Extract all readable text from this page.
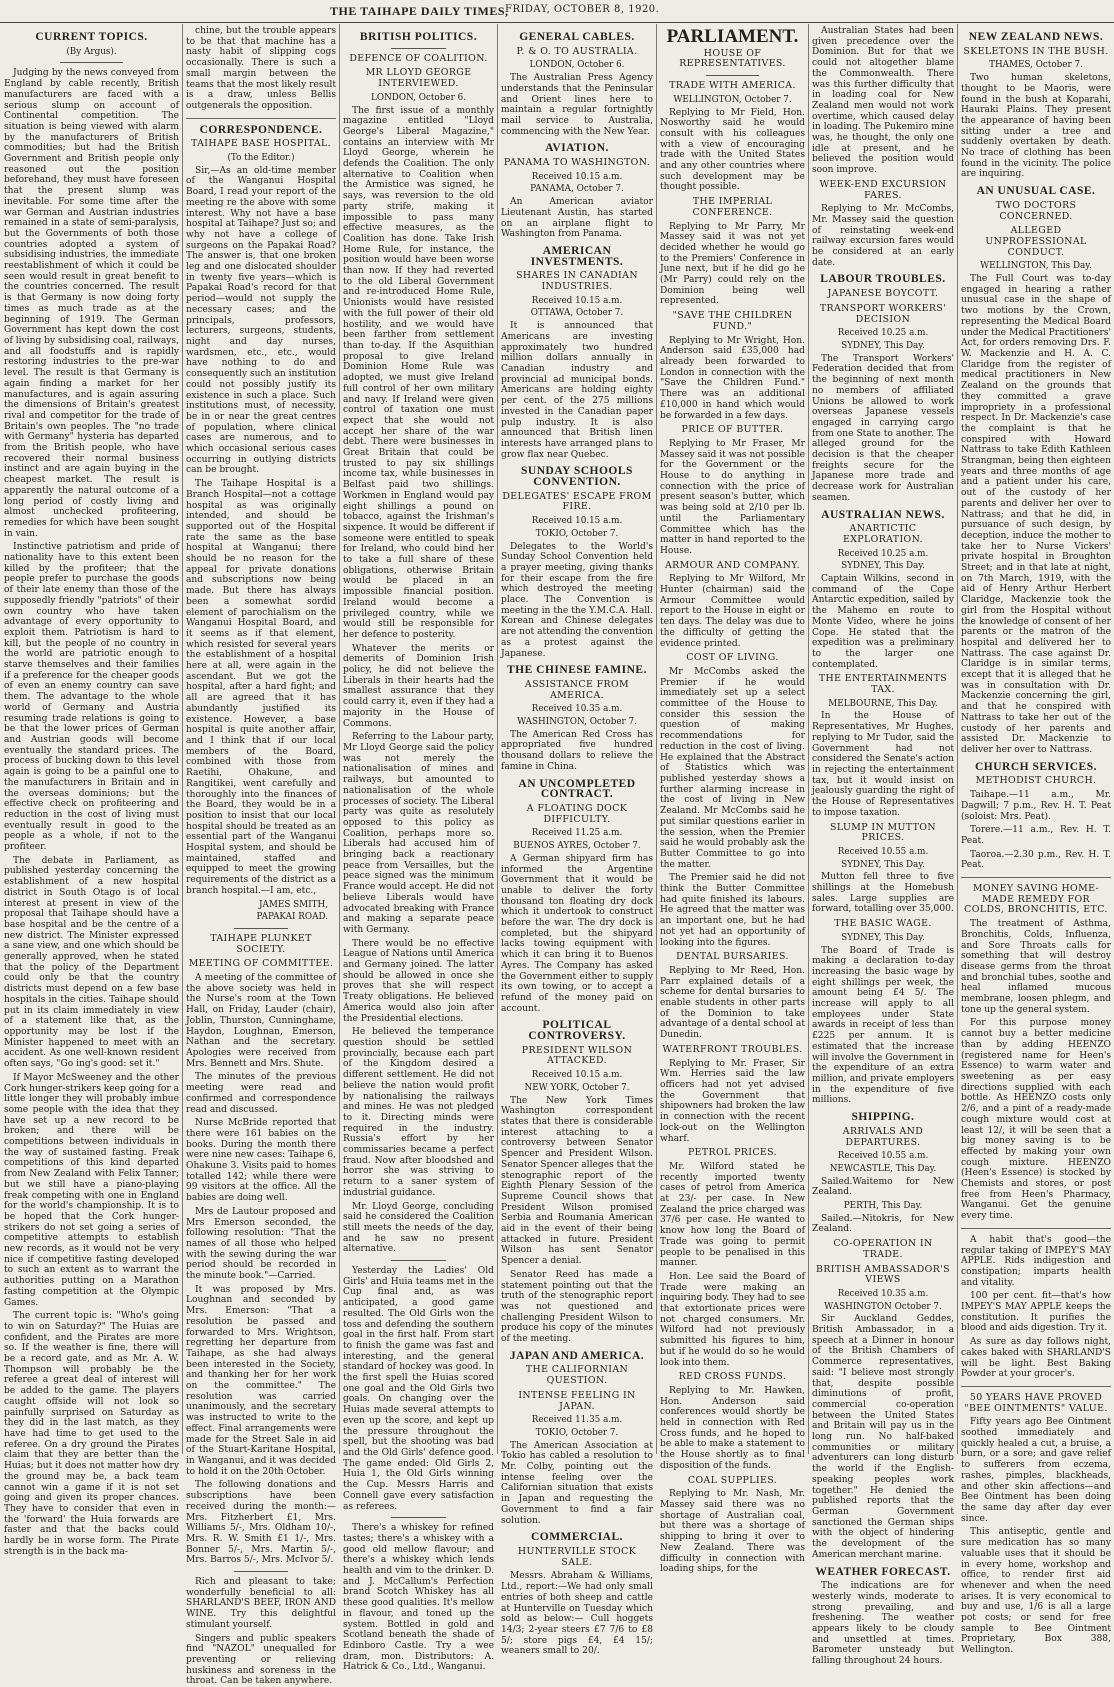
THE TAIHAPE DAILY TIMES,
FRIDAY, OCTOBER 8, 1920.
CURRENT TOPICS.
(By Argus).

Judging by the news conveyed from England by cable recently, British manufacturers are faced with a serious slump on account of Continental competition. The situation is being viewed with alarm by the manufacturers of British commodities; but had the British Government and British people only reasoned out the position beforehand, they must have foreseen that the present slump was inevitable. For some time after the war German and Austrian industries remained in a state of semi-paralysis, but the Governments of both those countries adopted a system of subsidising industries, the immediate reestablishment of which it could be seen would result in great benefit to the countries concerned. The result is that Germany is now doing forty times as much trade as at the beginning of 1919. The German Government has kept down the cost of living by subsidising coal, railways, and all foodstuffs and is rapidly restoring industries to the pre-war level. The result is that Germany is again finding a market for her manufactures, and is again assuring the dimensions of Britain's greatest rival and competitor for the trade of Britain's own peoples. The "no trade with Germany" hysteria has departed from the British people, who have recovered their normal business instinct and are again buying in the cheapest market. The result is apparently the natural outcome of a long period of costly living and almost unchecked profiteering, remedies for which have been sought in vain.

Instinctive patriotism and pride of nationality have to this extent been killed by the profiteer; that the people prefer to purchase the goods of their late enemy than those of the supposedly friendly "patriots" of their own country who have taken advantage of every opportunity to exploit them. Patriotism is hard to kill, but the people of no country in the world are patriotic enough to starve themselves and their families if a preference for the cheaper goods of even an enemy country can save them. The advantage to the whole world of Germany and Austria resuming trade relations is going to be that the lower prices of German and Austrian goods will become eventually the standard prices. The process of bucking down to this level again is going to be a painful one to the manufacturers in Britain and in the overseas dominions; but the effective check on profiteering and reduction in the cost of living must eventually result in good to the people as a whole, if not to the profiteer.

The debate in Parliament, as published yesterday concerning the establishment of a new hospital district in South Otago is of local interest at present in view of the proposal that Taihape should have a base hospital and be the centre of a new district. The Minister expressed a sane view, and one which should be generally approved, when he stated that the policy of the Department could only be that the country districts must depend on a few base hospitals in the cities. Taihape should put in its claim immediately in view of a statement like that, as the opportunity may be lost if the Minister happened to meet with an accident. As one well-known resident often says, "Go ing's good: set it."

If Mayor McSweeney and the other Cork hunger-strikers keep going for a little longer they will probably imbue some people with the idea that they have set up a new record to be broken; and there will be competitions between individuals in the way of sustained fasting. Freak competitions of this kind departed from New Zealand with Felix Tanner; but we still have a piano-playing freak competing with one in England for the world's championship. It is to be hoped that the Cork hunger-strikers do not set going a series of competitive attempts to establish new records, as it would not be very nice if competitive fasting developed to such an extent as to warrant the authorities putting on a Marathon fasting competition at the Olympic Games.

The current topic is: "Who's going to win on Saturday?" The Huias are confident, and the Pirates are more so. If the weather is fine, there will be a record gate, and as Mr. A. W. Thompson will probably be the referee a great deal of interest will be added to the game. The players caught offside will not look so painfully surprised on Saturday as they did in the last match, as they have had time to get used to the referee. On a dry ground the Pirates claim that they are better than the Huias; but it does not matter how dry the ground may be, a back team cannot win a game if it is not set going and given its proper chances. They have to consider that even in the 'forward' the Huia forwards are faster and that the backs could hardly be in worse form. The Pirate strength is in the back ma-

chine, but the trouble appears to be that that machine has a nasty habit of slipping cogs occasionally. There is such a small margin between the teams that the most likely result is a draw, unless Bellis outgenerals the opposition.

CORRESPONDENCE.
TAIHAPE BASE HOSPITAL.
(To the Editor.)

Sir,—As an old-time member of the Wanganui Hospital Board, I read your report of the meeting re the above with some interest. Why not have a base hospital at Taihape? Just so; and why not have a college of surgeons on the Papakai Road? The answer is, that one broken leg and one dislocated shoulder in twenty five years—which is Papakai Road's record for that period—would not supply the necessary cases; and the principals, professors, lecturers, surgeons, students, night and day nurses, wardsmen, etc., etc., would have nothing to do and consequently such an institution could not possibly justify its existence in such a place. Such institutions must, of necessity, be in or near the great centres of population, where clinical cases are numerous, and to which occasional serious cases occurring in outlying districts can be brought.

The Taihape Hospital is a Branch Hospital—not a cottage hospital as was originally intended, and should be supported out of the Hospital rate the same as the base hospital at Wanganui; there should be no reason for the appeal for private donations and subscriptions now being made. But there has always been a somewhat sordid element of parochialism on the Wanganui Hospital Board, and it seems as if that element, which resisted for several years the establishment of a hospital here at all, were again in the ascendant. But we got the hospital, after a hard fight; and all are agreed that it has abundantly justified its existence. However, a base hospital is quite another affair, and I think that if our local members of the Board, combined with those from Raetihi, Ohakune, and Rangitikei, went carefully and thoroughly into the finances of the Board, they would be in a position to insist that our local hospital should be treated as an essential part of the Wanganui Hospital system, and should be maintained, staffed and equipped to meet the growing requirements of the district as a branch hospital.—I am, etc.,

JAMES SMITH,
PAPAKAI ROAD.
TAIHAPE PLUNKET SOCIETY.
MEETING OF COMMITTEE.

A meeting of the committee of the above society was held in the Nurse's room at the Town Hall, on Friday, Lauder (chair), Joblin, Thurston, Cunninghame, Haydon, Loughnan, Emerson, Nathan and the secretary. Apologies were received from Mrs. Bennett and Mrs. Shute.

The minutes of the previous meeting were read and confirmed and correspondence read and discussed.

Nurse McBride reported that there were 161 babies on the books. During the month there were nine new cases: Taihape 6, Ohakune 3. Visits paid to homes totalled 142; while there were 99 visitors at the office. All the babies are doing well.

Mrs de Lautour proposed and Mrs Emerson seconded, the following resolution: "That the names of all those who helped with the sewing during the war period should be recorded in the minute book."—Carried.

It was proposed by Mrs. Loughnan and seconded by Mrs. Emerson: "That a resolution be passed and forwarded to Mrs. Wrightson, regretting her departure from Taihape, as she had always been interested in the Society, and thanking her for her work on the committee." The resolution was carried unanimously, and the secretary was instructed to write to the effect. Final arrangements were made for the Street Sale in aid of the Stuart-Karitane Hospital, in Wanganui, and it was decided to hold it on the 20th October.

The following donations and subscriptions have been received during the month:—Mrs. Fitzherbert £1, Mrs. Williams 5/-, Mrs. Oldham 10/-, Mrs. R. W. Smith £1 1/-, Mrs. Bonner 5/-, Mrs. Martin 5/-, Mrs. Barros 5/-, Mrs. McIvor 5/.

Rich and pleasant to take; wonderfully beneficial to all: SHARLAND'S BEEF, IRON AND WINE. Try this delightful stimulant yourself.

Singers and public speakers find "NAZOL" unequalled for preventing or relieving huskiness and soreness in the throat. Can be taken anywhere.

BRITISH POLITICS.
DEFENCE OF COALITION.
MR LLOYD GEORGE INTERVIEWED.
LONDON, October 6.

The first issue of a monthly magazine entitled "Lloyd George's Liberal Magazine," contains an interview with Mr Lloyd George, wherein he defends the Coalition. The only alternative to Coalition when the Armistice was signed, he says, was reversion to the old party strife, making it impossible to pass many effective measures, as the Coalition has done. Take Irish Home Rule, for instance, the position would have been worse than now. If they had reverted to the old Liberal Government and re-introduced Home Rule, Unionists would have resisted with the full power of their old hostility, and we would have been farther from settlement than to-day. If the Asquithian proposal to give Ireland Dominion Home Rule was adopted, we must give Ireland full control of her own military and navy. If Ireland were given control of taxation one must expect that she would not accept her share of the war debt. There were businesses in Great Britain that could be trusted to pay six shillings income tax, while businesses in Belfast paid two shillings. Workmen in England would pay eight shillings a pound on tobacco, against the Irishman's sixpence. It would be different if someone were entitled to speak for Ireland, who could bind her to take a full share of these obligations, otherwise Britain would be placed in an impossible financial position. Ireland would become a privileged country, while we would still be responsible for her defence to posterity.

Whatever the merits or demerits of Dominion Irish policy, he did not believe the Liberals in their hearts had the smallest assurance that they could carry it, even if they had a majority in the House of Commons.

Referring to the Labour party, Mr Lloyd George said the policy was not merely the nationalisation of mines and railways, but amounted to nationalisation of the whole processes of society. The Liberal party was quite as resolutely opposed to this policy as Coalition, perhaps more so. Liberals had accused him of bringing back a reactionary peace from Versailles, but the peace signed was the minimum France would accept. He did not believe Liberals would have advocated breaking with France and making a separate peace with Germany.

There would be no effective League of Nations until America and Germany joined. The latter should be allowed in once she proves that she will respect Treaty obligations. He believed America would also join after the Presidential elections.

He believed the temperance question should be settled provincially, because each part of the Kingdom desired a different settlement. He did not believe the nation would profit by nationalising the railways and mines. He was not pledged to it. Directing minds were required in the industry. Russia's effort by her commissaries became a perfect fraud. Now after bloodshed and horror she was striving to return to a saner system of industrial guidance.

Mr. Lloyd George, concluding said he considered the Coalition still meets the needs of the day, and he saw no present alternative.

Yesterday the Ladies' Old Girls' and Huia teams met in the Cup final and, as was anticipated, a good game resulted. The Old Girls won the toss and defending the southern goal in the first half. From start to finish the game was fast and interesting, and the general standard of hockey was good. In the first spell the Huias scored one goal and the Old Girls two goals. On changing over the Huias made several attempts to even up the score, and kept up the pressure throughout the spell, but the shooting was bad and the Old Girls' defence good. The game ended: Old Girls 2, Huia 1, the Old Girls winning the Cup. Messrs Harris and Connell gave every satisfaction as referees.

There's a whiskey for refined tastes; there's a whiskey with a good old mellow flavour; and there's a whiskey which lends health and vim to the drinker. D. and J. McCallum's Perfection brand Scotch Whiskey has all these good qualities. It's mellow in flavour, and toned up the system. Bottled in gold and Scotland beneath the shade of Edinboro Castle. Try a wee dram, mon. Distributors: A. Hatrick & Co., Ltd., Wanganui.

GENERAL CABLES.
P. & O. TO AUSTRALIA.
LONDON, October 6.

The Australian Press Agency understands that the Peninsular and Orient lines here to maintain a regular fortnightly mail service to Australia, commencing with the New Year.

AVIATION.
PANAMA TO WASHINGTON.
Received 10.15 a.m.
PANAMA, October 7.

An American aviator Lieutenant Austin, has started on an airplane flight to Washington from Panama.

AMERICAN INVESTMENTS.
SHARES IN CANADIAN INDUSTRIES.
Received 10.15 a.m.
OTTAWA, October 7.

It is announced that Americans are investing approximately two hundred million dollars annually in Canadian industry and provincial ad municipal bonds. Americans are holding eighty per cent. of the 275 millions invested in the Canadian paper pulp industry. It is also announced that British linen interests have arranged plans to grow flax near Quebec.

SUNDAY SCHOOLS CONVENTION.
DELEGATES' ESCAPE FROM FIRE.
Received 10.15 a.m.
TOKIO, October 7.

Delegates to the World's Sunday School Convention held a prayer meeting, giving thanks for their escape from the fire which destroyed the meeting place. The Convention is meeting in the the Y.M.C.A. Hall. Korean and Chinese delegates are not attending the convention as a protest against the Japanese.

THE CHINESE FAMINE.
ASSISTANCE FROM AMERICA.
Received 10.35 a.m.
WASHINGTON, October 7.

The American Red Cross has appropriated five hundred thousand dollars to relieve the famine in China.

AN UNCOMPLETED CONTRACT.
A FLOATING DOCK DIFFICULTY.
Received 11.25 a.m.
BUENOS AYRES, October 7.

A German shipyard firm has informed the Argentine Government that it would be unable to deliver the forty thousand ton floating dry dock which it undertook to construct before the war. The dry dock is completed, but the shipyard lacks towing equipment with which it can bring it to Buenos Ayres. The Company has asked the Government either to supply its own towing, or to accept a refund of the money paid on account.

POLITICAL CONTROVERSY.
PRESIDENT WILSON ATTACKED.
Received 10.15 a.m.
NEW YORK, October 7.

The New York Times Washington correspondent states that there is considerable interest attaching to a controversy between Senator Spencer and President Wilson. Senator Spencer alleges that the stenographic report of the Eighth Plenary Session of the Supreme Council shows that President Wilson promised Serbia and Roumania American aid in the event of their being attacked in future. President Wilson has sent Senator Spencer a denial.

Senator Reed has made a statement pointing out that the truth of the stenographic report was not questioned and challenging President Wilson to produce his copy of the minutes of the meeting.

JAPAN AND AMERICA.
THE CALIFORNIAN QUESTION.
INTENSE FEELING IN JAPAN.
Received 11.35 a.m.
TOKIO, October 7.

The American Association at Tokio has cabled a resolution to Mr. Colby, pointing out the intense feeling over the Californian situation that exists in Japan and requesting the Government to find a fair solution.

COMMERCIAL.
HUNTERVILLE STOCK SALE.

Messrs. Abraham & Williams, Ltd., report:—We had only small entries of both sheep and cattle at Hunterville on Tuesday which sold as below:— Cull hoggets 14/3; 2-year steers £7 7/6 to £8 5/; store pigs £4, £4 15/; weaners small to 20/.

PARLIAMENT.
HOUSE OF REPRESENTATIVES.
TRADE WITH AMERICA.
WELLINGTON, October 7.

Replying to Mr Field, Hon. Nosworthy said he would consult with his colleagues with a view of encouraging trade with the United States and any other countries where such development may be thought possible.

THE IMPERIAL CONFERENCE.

Replying to Mr Parry, Mr Massey said it was not yet decided whether he would go to the Premiers' Conference in June next, but if he did go he (Mr Parry) could rely on the Dominion being well represented.

"SAVE THE CHILDREN FUND."

Replying to Mr Wright, Hon. Anderson said £35,000 had already been forwarded to London in connection with the "Save the Children Fund." There was an additional £10,000 in hand which would be forwarded in a few days.

PRICE OF BUTTER.

Replying to Mr Fraser, Mr Massey said it was not possible for the Government or the House to do anything in connection with the price of present season's butter, which was being sold at 2/10 per lb. until the Parliamentary Committee which has the matter in hand reported to the House.

ARMOUR AND COMPANY.

Replying to Mr Wilford, Mr Hunter (chairman) said the Armour Committee would report to the House in eight or ten days. The delay was due to the difficulty of getting the evidence printed.

COST OF LIVING.

Mr McCombs asked the Premier if he would immediately set up a select committee of the House to consider this session the question of making recommendations for reduction in the cost of living. He explained that the Abstract of Statistics which was published yesterday shows a further alarming increase in the cost of living in New Zealand. Mr McCombs said he put similar questions earlier in the session, when the Premier said he would probably ask the Butter Committee to go into the matter.

The Premier said he did not think the Butter Committee had quite finished its labours. He agreed that the matter was an important one, but he had not yet had an opportunity of looking into the figures.

DENTAL BURSARIES.

Replying to Mr Reed, Hon. Parr explained details of a scheme for dental bursaries to enable students in other parts of the Dominion to take advantage of a dental school at Dunedin.

WATERFRONT TROUBLES.

Replying to Mr. Fraser, Sir Wm. Herries said the law officers had not yet advised the Government that shipowners had broken the law in connection with the recent lock-out on the Wellington wharf.

PETROL PRICES.

Mr. Wilford stated he recently imported twenty cases of petrol from America at 23/- per case. In New Zealand the price charged was 37/6 per case. He wanted to know how long the Board of Trade was going to permit people to be penalised in this manner.

Hon. Lee said the Board of Trade were making an inquiring body. They had to see that extortionate prices were not charged consumers. Mr. Wilford had not previously submitted his figures to him, but if he would do so he would look into them.

RED CROSS FUNDS.

Replying to Mr. Hawken, Hon. Anderson said conferences would shortly be held in connection with Red Cross funds, and he hoped to be able to make a statement to the House shortly as to final disposition of the funds.

COAL SUPPLIES.

Replying to Mr. Nash, Mr. Massey said there was no shortage of Australian coal, but there was a shortage of shipping to bring it over to New Zealand. There was difficulty in connection with loading ships, for the

Australian States had been given precedence over the Dominion. But for that we could not altogether blame the Commonwealth. There was this further difficulty that in loading coal for New Zealand men would not work overtime, which caused delay in loading. The Pukemiro mine was, he thought, the only one idle at present, and he believed the position would soon improve.

WEEK-END EXCURSION FARES.

Replying to Mr. McCombs, Mr. Massey said the question of reinstating week-end railway excursion fares would be considered at an early date.

LABOUR TROUBLES.
JAPANESE BOYCOTT.
TRANSPORT WORKERS' DECISION
Received 10.25 a.m.
SYDNEY, This Day.

The Transport Workers' Federation decided that from the beginning of next month no members of affiliated Unions be allowed to work overseas Japanese vessels engaged in carrying cargo from one State to another. The alleged ground for the decision is that the cheaper freights secure for the Japanese more trade and decrease work for Australian seamen.

AUSTRALIAN NEWS.
ANARTICTIC EXPLORATION.
Received 10.25 a.m.
SYDNEY, This Day.

Captain Wilkins, second in command of the Cope Antarctic expedition, sailed by the Mahemo en route to Monte Video, where he joins Cope. He stated that the expedition was a preliminary to the larger one contemplated.

THE ENTERTAINMENTS TAX.
MELBOURNE, This Day.

In the House of Representatives, Mr Hughes, replying to Mr Tudor, said the Government had not considered the Senate's action in rejecting the entertainment tax, but it would insist on jealously guarding the right of the House of Representatives to impose taxation.

SLUMP IN MUTTON PRICES.
Received 10.55 a.m.
SYDNEY, This Day.

Mutton fell three to five shillings at the Homebush sales. Large supplies are forward, totalling over 35,000.

THE BASIC WAGE.
SYDNEY, This Day.

The Board of Trade is making a declaration to-day increasing the basic wage by eight shillings per week, the amount being £4 5/. The increase will apply to all employees under State awards in receipt of less than £225 per annum. It is estimated that the increase will involve the Government in the expenditure of an extra million, and private employers in the expenditure of five millions.

SHIPPING.
ARRIVALS AND DEPARTURES.
Received 10.55 a.m.
NEWCASTLE, This Day.

Sailed.Waitemo for New Zealand.

PERTH, This Day.

Sailed.—Nitokris, for New Zealand.

CO-OPERATION IN TRADE.
BRITISH AMBASSADOR'S VIEWS
Received 10.35 a.m.
WASHINGTON October 7.

Sir Auckland Geddes, British Ambassador, in a speech at a Dinner in honour of the British Chambers of Commerce representatives, said: "I believe most strongly that, despite possible diminutions of profit, commercial co-operation between the United States and Britain will pay us in the long run. No half-baked communities or military adventurers can long disturb the world if the English-speaking peoples work together." He denied the published reports that the German Government sanctioned the German ships with the object of hindering the development of the American merchant marine.

WEATHER FORECAST.

The indications are for westerly winds, moderate to strong prevailing, and freshening. The weather appears likely to be cloudy and unsettled at times. Barometer unsteady but falling throughout 24 hours.

NEW ZEALAND NEWS.
SKELETONS IN THE BUSH.
THAMES, October 7.

Two human skeletons, thought to be Maoris, were found in the bush at Koparahi, Hauraki Plains. They present the appearance of having been sitting under a tree and suddenly overtaken by death. No trace of clothing has been found in the vicinity. The police are inquiring.

AN UNUSUAL CASE.
TWO DOCTORS CONCERNED.
ALLEGED UNPROFESSIONAL CONDUCT.
WELLINGTON, This Day.

The Full Court was to-day engaged in hearing a rather unusual case in the shape of two motions by the Crown, representing the Medical Board under the Medical Practitioners' Act, for orders removing Drs. F. W. Mackenzie and H. A. C. Claridge from the register of medical practitioners in New Zealand on the grounds that they committed a grave impropriety in a professional respect. In Dr. Mackenzie's case the complaint is that he conspired with Howard Nattrass to take Edith Kathleen Strangman, being then eighteen years and three months of age and a patient under his care, out of the custody of her parents and deliver her over to Nattrass; and that he did, in pursuance of such design, by deception, induce the mother to take her to Nurse Vickers' private hospital in Broughton Street; and in that late at night, on 7th March, 1919, with the aid of Henry Arthur Herbert Claridge, Mackenzie took the girl from the Hospital without the knowledge of consent of her parents or the matron of the hospital and delivered her to Nattrass. The case against Dr. Claridge is in similar terms, except that it is alleged that he was in consultation with Dr. Mackenzie concerning the girl, and that he conspired with Nattrass to take her out of the custody of her parents and assisted Dr. Mackenzie to deliver her over to Nattrass.

CHURCH SERVICES.
METHODIST CHURCH.

Taihape.—11 a.m., Mr. Dagwill; 7 p.m., Rev. H. T. Peat (soloist: Mrs. Peat).

Torere.—11 a.m., Rev. H. T. Peat.

Taoroa.—2.30 p.m., Rev. H. T. Peat.

MONEY SAVING HOME-MADE REMEDY FOR COLDS, BRONCHITIS, ETC.

The treatment of Asthma, Bronchitis, Colds, Influenza, and Sore Throats calls for something that will destroy disease germs from the throat and bronchial tubes, soothe and heal inflamed mucous membrane, loosen phlegm, and tone up the general system.

For this purpose money cannot buy a better medicine than by adding HEENZO (registered name for Heen's Essence) to warm water and sweetening as per easy directions supplied with each bottle. As HEENZO costs only 2/6, and a pint of a ready-made cough mixture would cost at least 12/, it will be seen that a big money saving is to be effected by making your own cough mixture. HEENZO (Heen's Essence) is stocked by Chemists and stores, or post free from Heen's Pharmacy, Wanganui. Get the genuine every time.

A habit that's good—the regular taking of IMPEY'S MAY APPLE. Rids indigestion and constipation; imparts health and vitality.

100 per cent. fit—that's how IMPEY'S MAY APPLE keeps the constitution. It purifies the blood and aids digestion. Try it.

As sure as day follows night, cakes baked with SHARLAND'S will be light. Best Baking Powder at your grocer's.

50 YEARS HAVE PROVED "BEE OINTMENTS" VALUE.

Fifty years ago Bee Ointment soothed immediately and quickly healed a cut, a bruise, a burn, or a sore; and gave relief to sufferers from eczema, rashes, pimples, blackheads, and other skin affections—and Bee Ointment has been doing the same day after day ever since.

This antiseptic, gentle and sure medication has so many valuable uses that it should be in every home, workshop and office, to render first aid whenever and when the need arises. It is very economical to buy and use, 1/6 is all a large pot costs; or send for free sample to Bee Ointment Proprietary, Box 388, Wellington.
